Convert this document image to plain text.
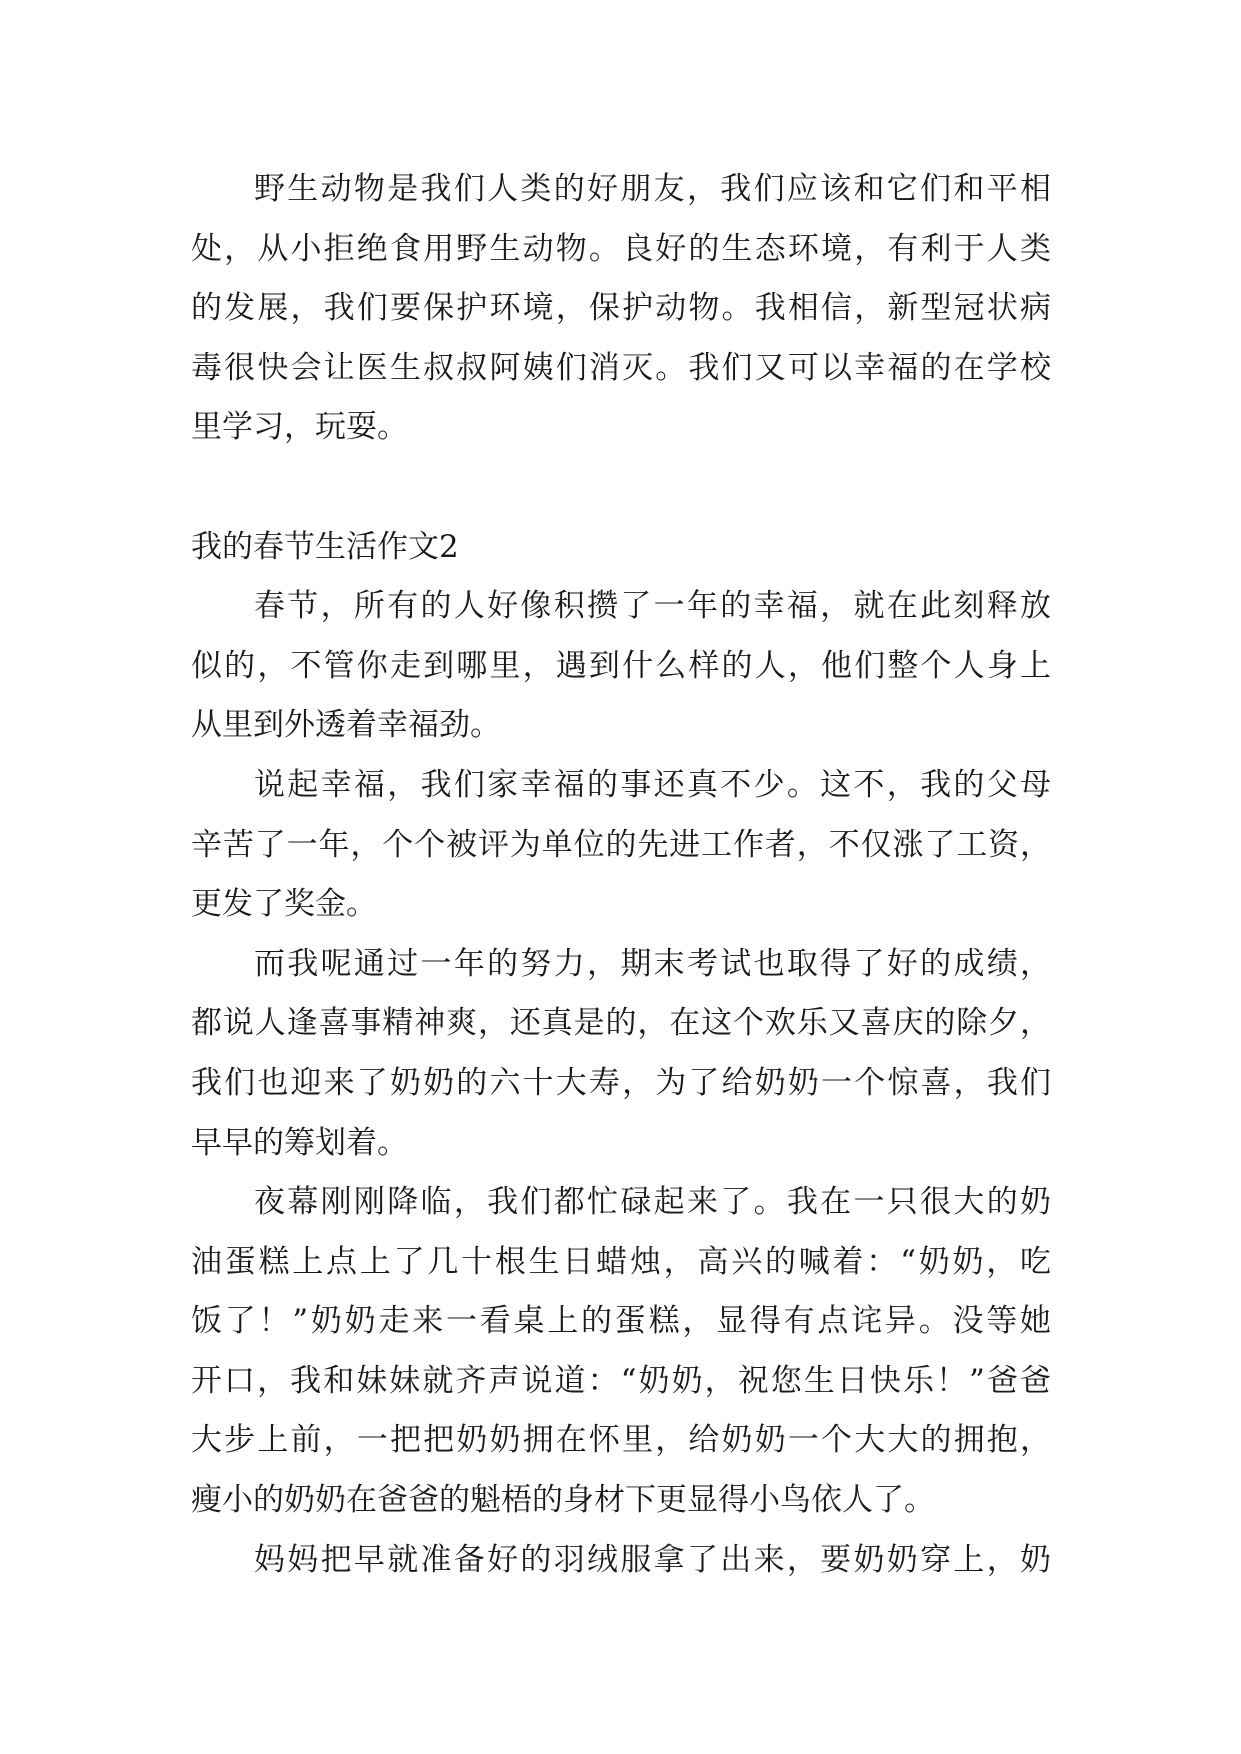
野生动物是我们人类的好朋友，我们应该和它们和平相
处，从小拒绝食用野生动物。良好的生态环境，有利于人类
的发展，我们要保护环境，保护动物。我相信，新型冠状病
毒很快会让医生叔叔阿姨们消灭。我们又可以幸福的在学校
里学习，玩耍。
我的春节生活作文2
春节，所有的人好像积攒了一年的幸福，就在此刻释放
似的，不管你走到哪里，遇到什么样的人，他们整个人身上
从里到外透着幸福劲。
说起幸福，我们家幸福的事还真不少。这不，我的父母
辛苦了一年，个个被评为单位的先进工作者，不仅涨了工资，
更发了奖金。
而我呢通过一年的努力，期末考试也取得了好的成绩，
都说人逢喜事精神爽，还真是的，在这个欢乐又喜庆的除夕，
我们也迎来了奶奶的六十大寿，为了给奶奶一个惊喜，我们
早早的筹划着。
夜幕刚刚降临，我们都忙碌起来了。我在一只很大的奶
油蛋糕上点上了几十根生日蜡烛，高兴的喊着：“奶奶，吃
饭了！”奶奶走来一看桌上的蛋糕，显得有点诧异。没等她
开口，我和妹妹就齐声说道：“奶奶，祝您生日快乐！”爸爸
大步上前，一把把奶奶拥在怀里，给奶奶一个大大的拥抱，
瘦小的奶奶在爸爸的魁梧的身材下更显得小鸟依人了。
妈妈把早就准备好的羽绒服拿了出来，要奶奶穿上，奶
